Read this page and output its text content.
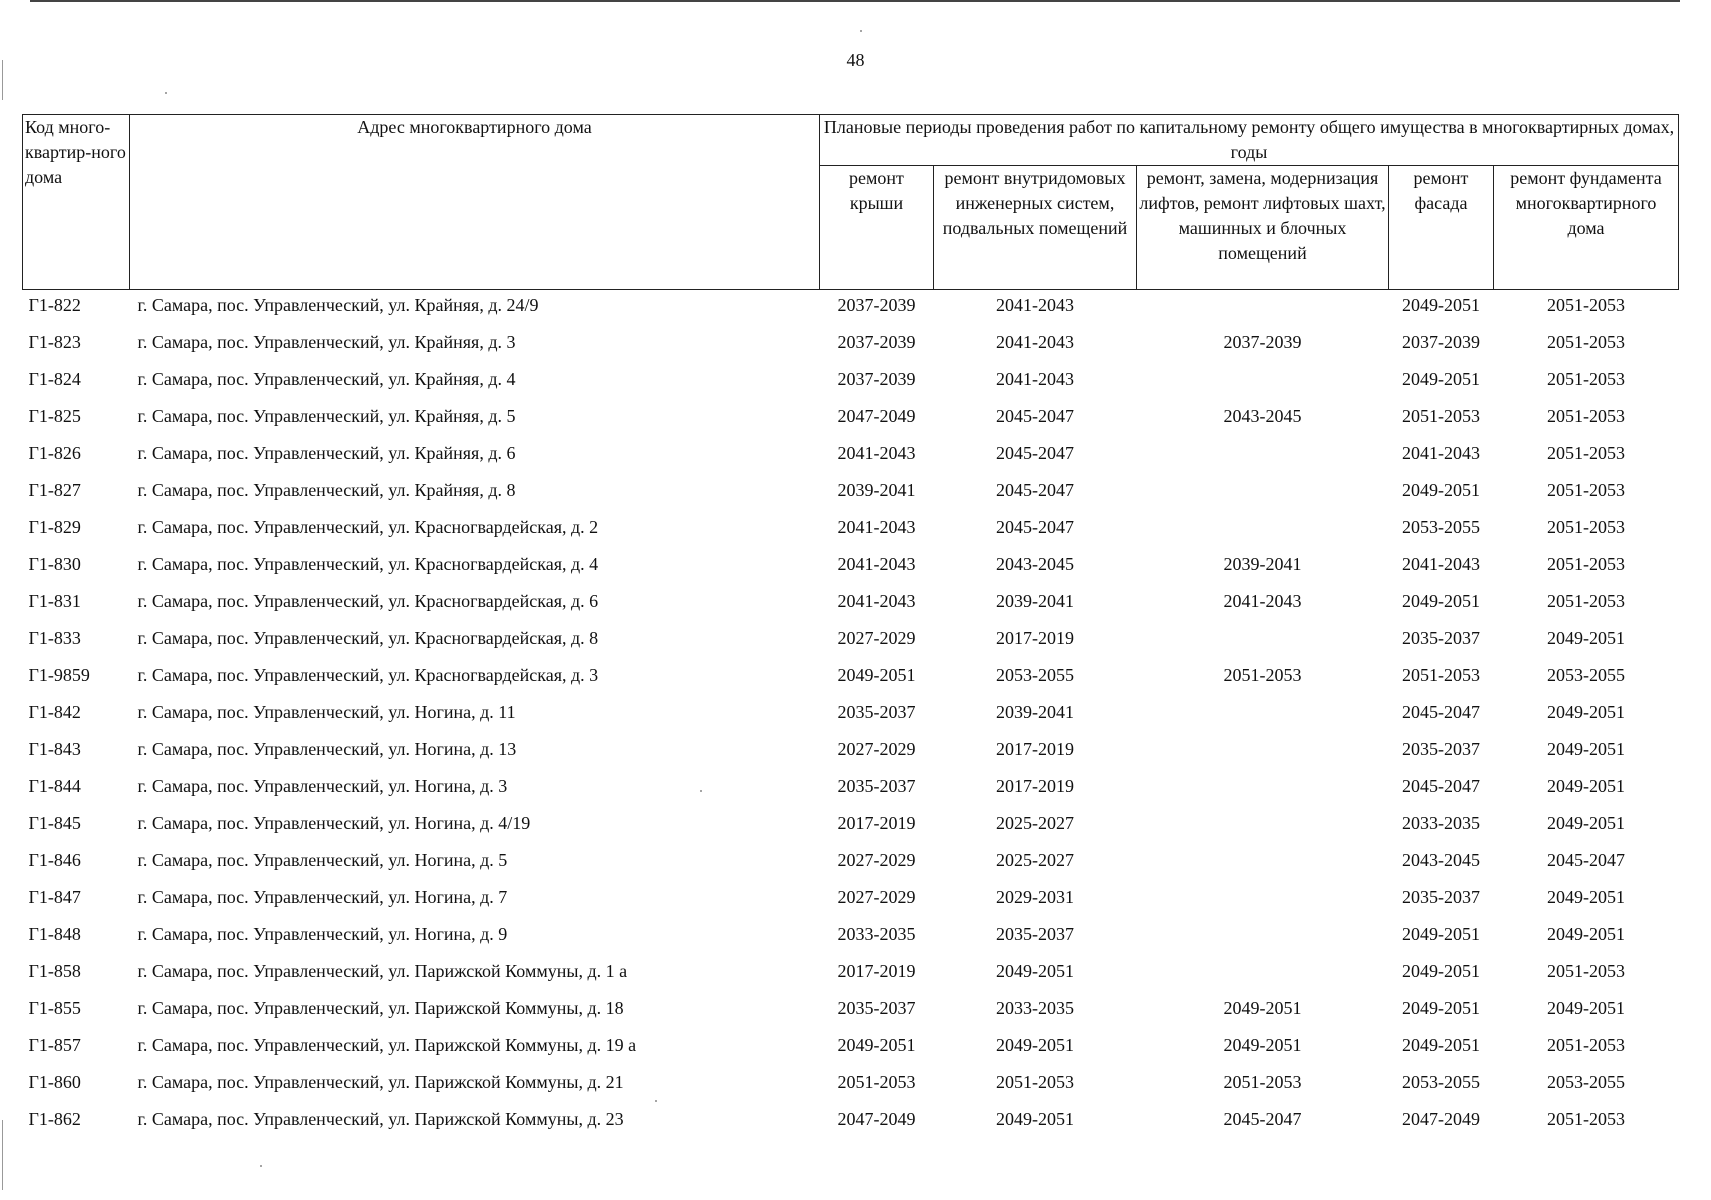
48
Код много-квартир-ного дома	Адрес многоквартирного дома	Плановые периоды проведения работ по капитальному ремонту общего имущества в многоквартирных домах, годы				
		ремонт крыши	ремонт внутридомовых инженерных систем, подвальных помещений	ремонт, замена, модернизация лифтов, ремонт лифтовых шахт, машинных и блочных помещений	ремонт фасада	ремонт фундамента многоквартирного дома
Г1-822	г. Самара, пос. Управленческий, ул. Крайняя, д. 24/9	2037-2039	2041-2043		2049-2051	2051-2053
Г1-823	г. Самара, пос. Управленческий, ул. Крайняя, д. 3	2037-2039	2041-2043	2037-2039	2037-2039	2051-2053
Г1-824	г. Самара, пос. Управленческий, ул. Крайняя, д. 4	2037-2039	2041-2043		2049-2051	2051-2053
Г1-825	г. Самара, пос. Управленческий, ул. Крайняя, д. 5	2047-2049	2045-2047	2043-2045	2051-2053	2051-2053
Г1-826	г. Самара, пос. Управленческий, ул. Крайняя, д. 6	2041-2043	2045-2047		2041-2043	2051-2053
Г1-827	г. Самара, пос. Управленческий, ул. Крайняя, д. 8	2039-2041	2045-2047		2049-2051	2051-2053
Г1-829	г. Самара, пос. Управленческий, ул. Красногвардейская, д. 2	2041-2043	2045-2047		2053-2055	2051-2053
Г1-830	г. Самара, пос. Управленческий, ул. Красногвардейская, д. 4	2041-2043	2043-2045	2039-2041	2041-2043	2051-2053
Г1-831	г. Самара, пос. Управленческий, ул. Красногвардейская, д. 6	2041-2043	2039-2041	2041-2043	2049-2051	2051-2053
Г1-833	г. Самара, пос. Управленческий, ул. Красногвардейская, д. 8	2027-2029	2017-2019		2035-2037	2049-2051
Г1-9859	г. Самара, пос. Управленческий, ул. Красногвардейская, д. 3	2049-2051	2053-2055	2051-2053	2051-2053	2053-2055
Г1-842	г. Самара, пос. Управленческий, ул. Ногина, д. 11	2035-2037	2039-2041		2045-2047	2049-2051
Г1-843	г. Самара, пос. Управленческий, ул. Ногина, д. 13	2027-2029	2017-2019		2035-2037	2049-2051
Г1-844	г. Самара, пос. Управленческий, ул. Ногина, д. 3	2035-2037	2017-2019		2045-2047	2049-2051
Г1-845	г. Самара, пос. Управленческий, ул. Ногина, д. 4/19	2017-2019	2025-2027		2033-2035	2049-2051
Г1-846	г. Самара, пос. Управленческий, ул. Ногина, д. 5	2027-2029	2025-2027		2043-2045	2045-2047
Г1-847	г. Самара, пос. Управленческий, ул. Ногина, д. 7	2027-2029	2029-2031		2035-2037	2049-2051
Г1-848	г. Самара, пос. Управленческий, ул. Ногина, д. 9	2033-2035	2035-2037		2049-2051	2049-2051
Г1-858	г. Самара, пос. Управленческий, ул. Парижской Коммуны, д. 1 а	2017-2019	2049-2051		2049-2051	2051-2053
Г1-855	г. Самара, пос. Управленческий, ул. Парижской Коммуны, д. 18	2035-2037	2033-2035	2049-2051	2049-2051	2049-2051
Г1-857	г. Самара, пос. Управленческий, ул. Парижской Коммуны, д. 19 а	2049-2051	2049-2051	2049-2051	2049-2051	2051-2053
Г1-860	г. Самара, пос. Управленческий, ул. Парижской Коммуны, д. 21	2051-2053	2051-2053	2051-2053	2053-2055	2053-2055
Г1-862	г. Самара, пос. Управленческий, ул. Парижской Коммуны, д. 23	2047-2049	2049-2051	2045-2047	2047-2049	2051-2053
